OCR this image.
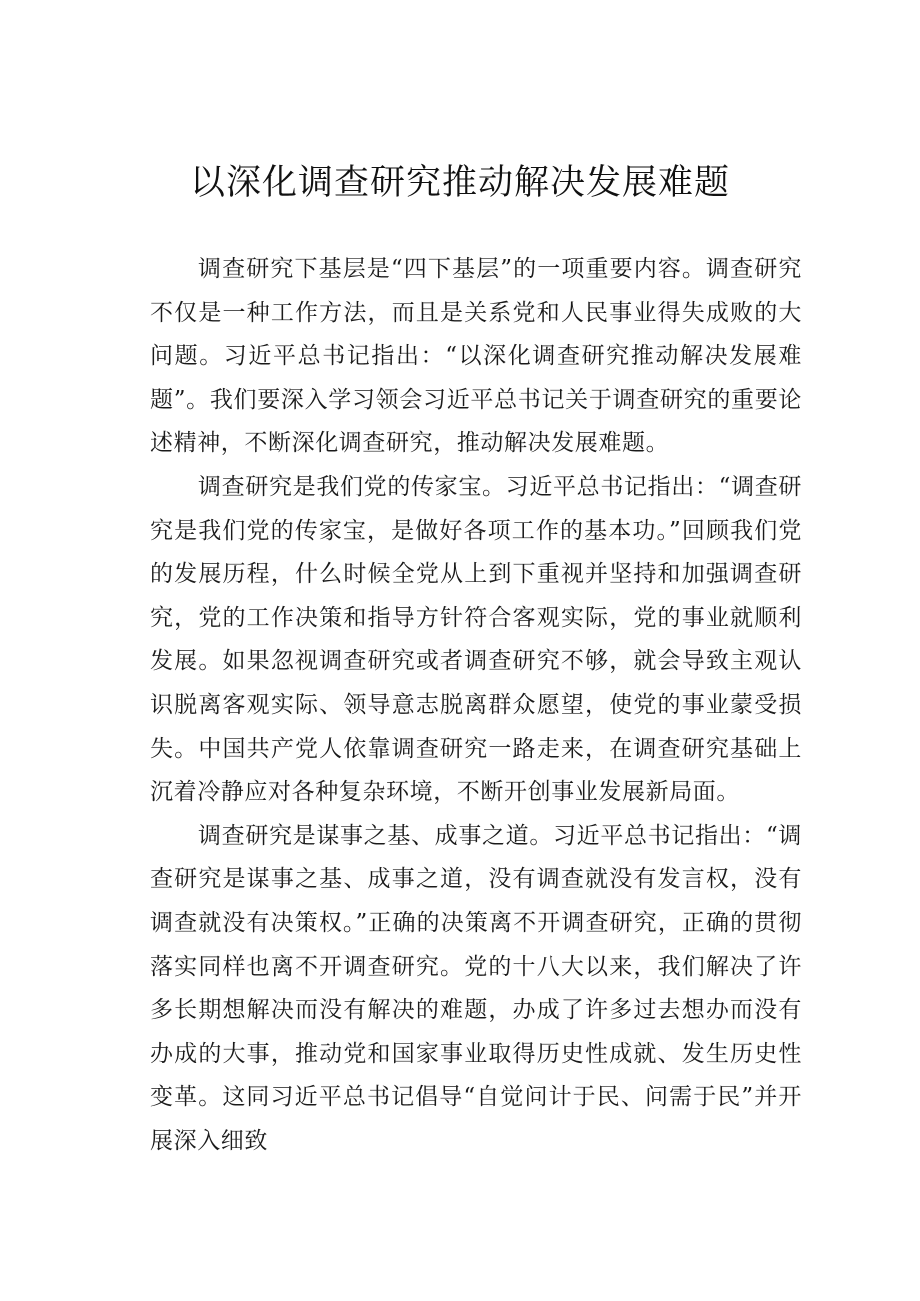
以深化调查研究推动解决发展难题

调查研究下基层是“四下基层”的一项重要内容。调查研究不仅是一种工作方法，而且是关系党和人民事业得失成败的大问题。习近平总书记指出：“以深化调查研究推动解决发展难题”。我们要深入学习领会习近平总书记关于调查研究的重要论述精神，不断深化调查研究，推动解决发展难题。

调查研究是我们党的传家宝。习近平总书记指出：“调查研究是我们党的传家宝，是做好各项工作的基本功。”回顾我们党的发展历程，什么时候全党从上到下重视并坚持和加强调查研究，党的工作决策和指导方针符合客观实际，党的事业就顺利发展。如果忽视调查研究或者调查研究不够，就会导致主观认识脱离客观实际、领导意志脱离群众愿望，使党的事业蒙受损失。中国共产党人依靠调查研究一路走来，在调查研究基础上沉着冷静应对各种复杂环境，不断开创事业发展新局面。

调查研究是谋事之基、成事之道。习近平总书记指出：“调查研究是谋事之基、成事之道，没有调查就没有发言权，没有调查就没有决策权。”正确的决策离不开调查研究，正确的贯彻落实同样也离不开调查研究。党的十八大以来，我们解决了许多长期想解决而没有解决的难题，办成了许多过去想办而没有办成的大事，推动党和国家事业取得历史性成就、发生历史性变革。这同习近平总书记倡导“自觉问计于民、问需于民”并开展深入细致
